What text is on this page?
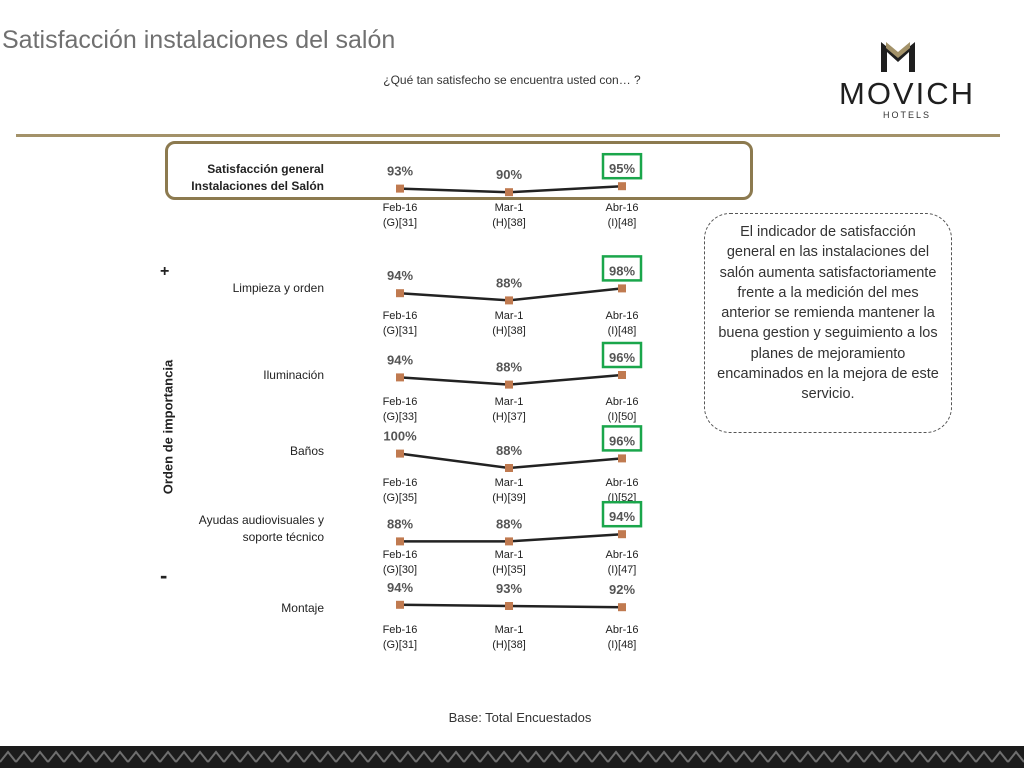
Satisfacción instalaciones del salón
¿Qué tan satisfecho se encuentra usted con… ?	MOVICH
HOTELS
Satisfacción general
Instalaciones del Salón
Limpieza y orden
Iluminación
Baños
Ayudas audiovisuales y
soporte técnico
Montaje
Orden de importancia
+
-
93%
Feb-16
(G)[31]
90%
Mar-1
(H)[38]
95%
Abr-16
(I)[48]
94%
Feb-16
(G)[31]
88%
Mar-1
(H)[38]
98%
Abr-16
(I)[48]
94%
Feb-16
(G)[33]
88%
Mar-1
(H)[37]
96%
Abr-16
(I)[50]
100%
Feb-16
(G)[35]
88%
Mar-1
(H)[39]
96%
Abr-16
(I)[52]
88%
Feb-16
(G)[30]
88%
Mar-1
(H)[35]
94%
Abr-16
(I)[47]
94%
Feb-16
(G)[31]
93%
Mar-1
(H)[38]
92%
Abr-16
(I)[48]
El indicador de satisfacción general en las instalaciones del salón aumenta satisfactoriamente frente a la medición del mes anterior se remienda mantener la buena gestion y seguimiento a los planes de mejoramiento encaminados en la mejora de este servicio.
Base: Total Encuestados
